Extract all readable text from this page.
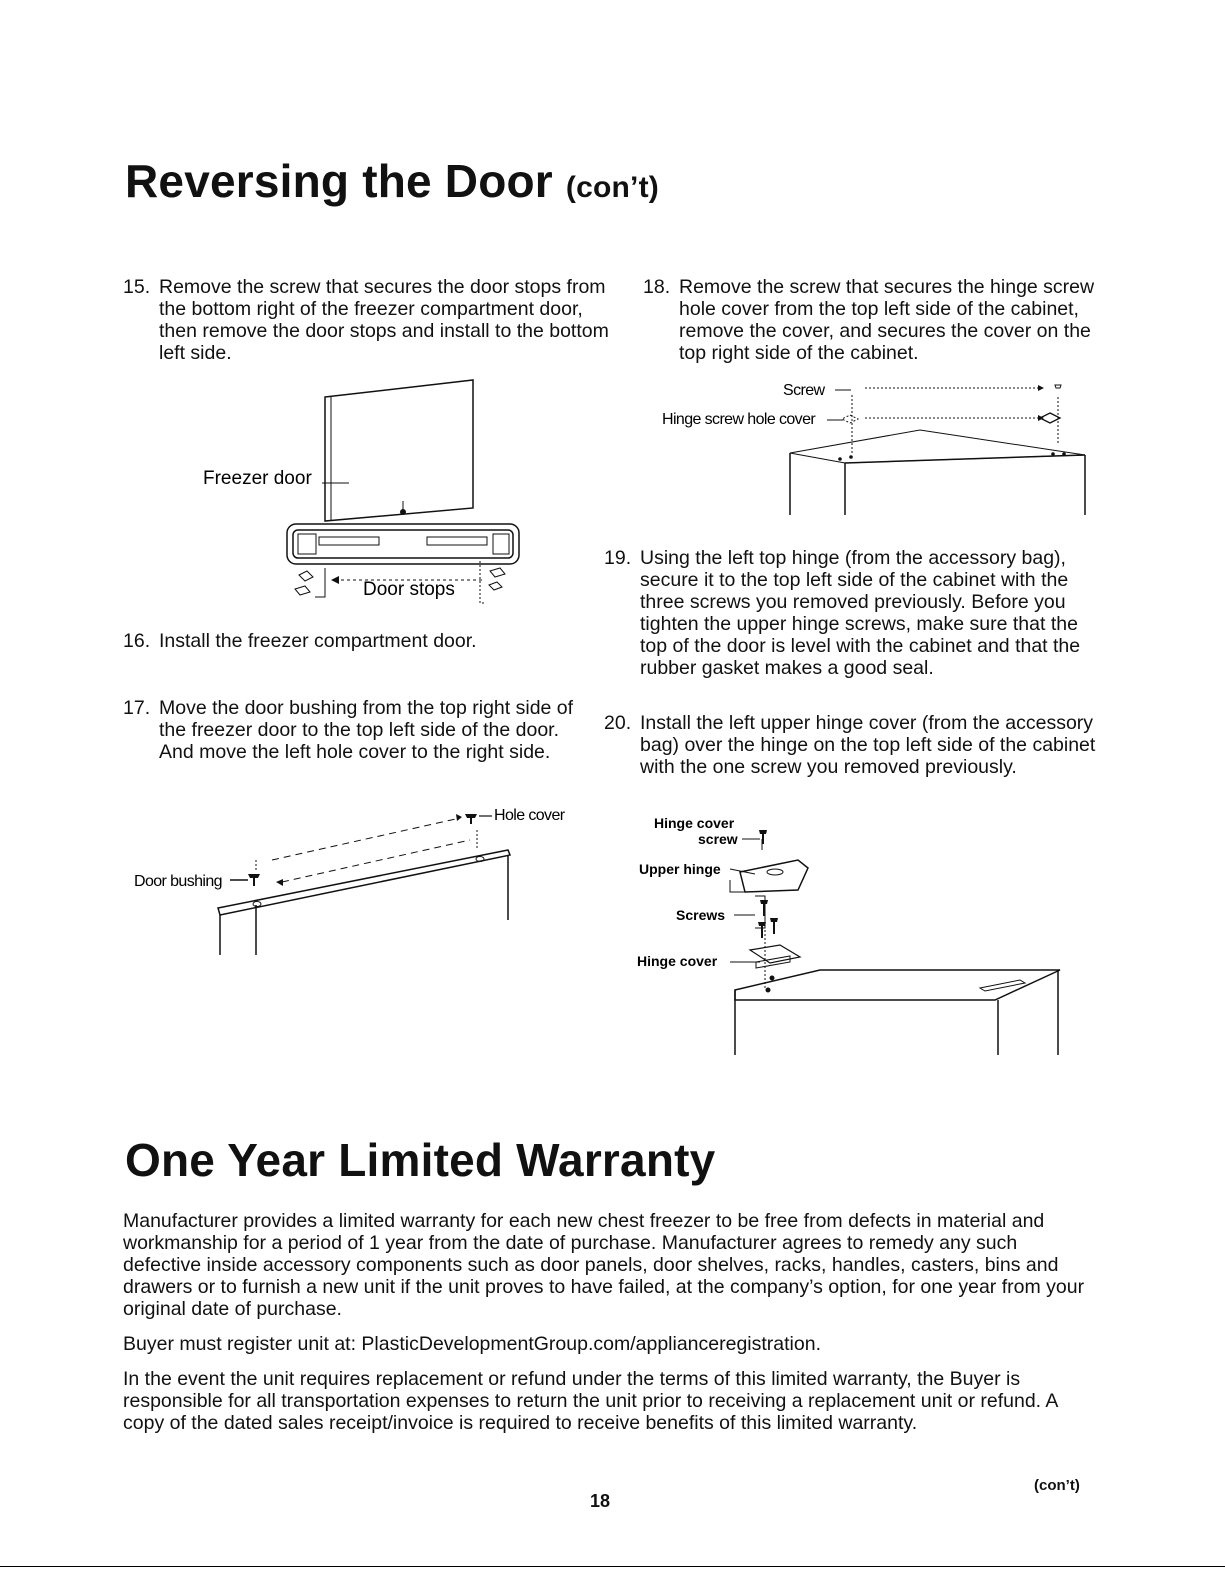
Reversing the Door (con’t)
15. Remove the screw that secures the door stops from the bottom right of the freezer compartment door, then remove the door stops and install to the bottom left side.
Freezer door
Door stops
16. Install the freezer compartment door.
17. Move the door bushing from the top right side of the freezer door to the top left side of the door. And move the left hole cover to the right side.
Hole cover
Door bushing
18. Remove the screw that secures the hinge screw hole cover from the top left side of the cabinet, remove the cover, and secures the cover on the top right side of the cabinet.
Screw
Hinge screw hole cover
19. Using the left top hinge (from the accessory bag), secure it to the top left side of the cabinet with the three screws you removed previously. Before you tighten the upper hinge screws, make sure that the top of the door is level with the cabinet and that the rubber gasket makes a good seal.
20. Install the left upper hinge cover (from the accessory bag) over the hinge on the top left side of the cabinet with the one screw you removed previously.
Hinge cover
screw
Upper hinge
Screws
Hinge cover
One Year Limited Warranty

Manufacturer provides a limited warranty for each new chest freezer to be free from defects in material and workmanship for a period of 1 year from the date of purchase. Manufacturer agrees to remedy any such defective inside accessory components such as door panels, door shelves, racks, handles, casters, bins and drawers or to furnish a new unit if the unit proves to have failed, at the company’s option, for one year from your original date of purchase.

Buyer must register unit at: PlasticDevelopmentGroup.com/applianceregistration.

In the event the unit requires replacement or refund under the terms of this limited warranty, the Buyer is responsible for all transportation expenses to return the unit prior to receiving a replacement unit or refund. A copy of the dated sales receipt/invoice is required to receive benefits of this limited warranty.

(con’t)
18
